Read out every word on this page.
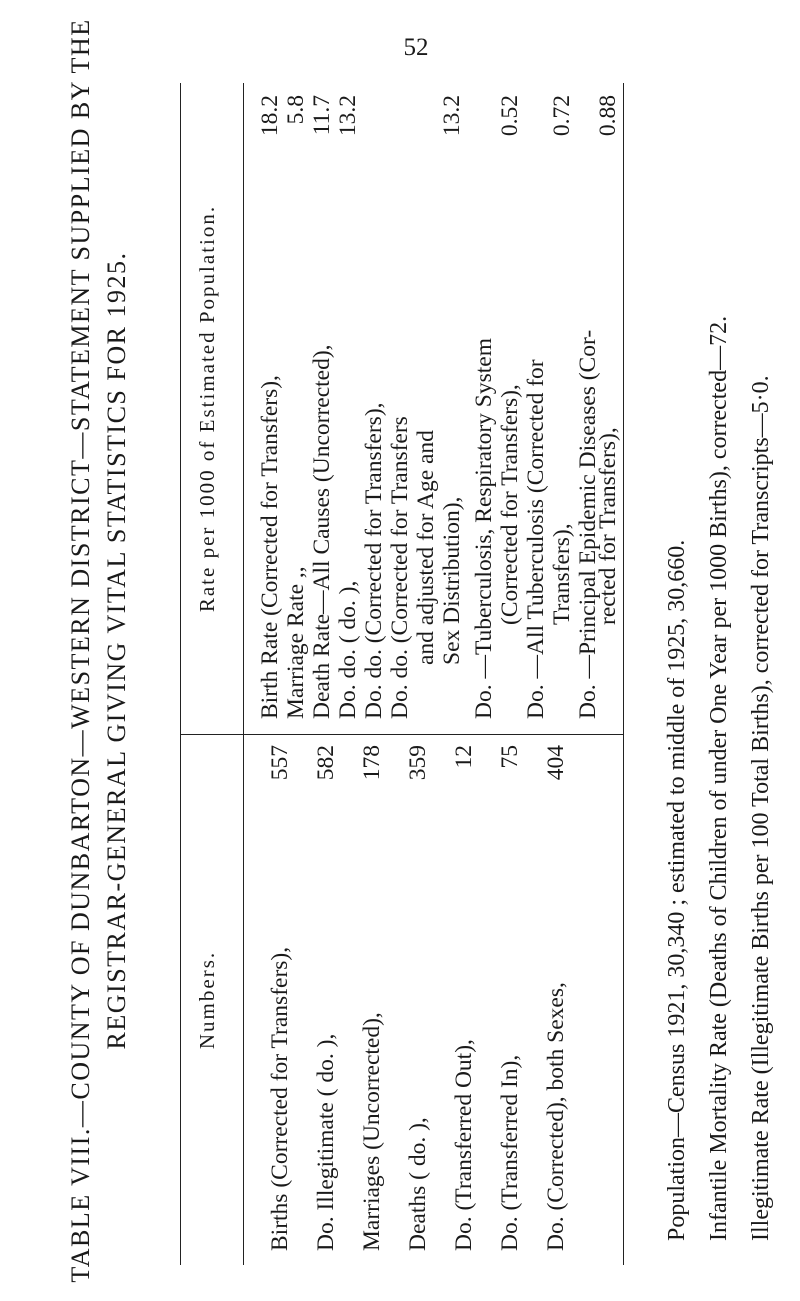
52
TABLE VIII.—COUNTY OF DUNBARTON—WESTERN DISTRICT—STATEMENT SUPPLIED BY THE REGISTRAR-GENERAL GIVING VITAL STATISTICS FOR 1925.	Numbers.
Rate per 1000 of Estimated Population.
Births (Corrected for Transfers),
557
Do. Illegitimate ( do. ),
582
Marriages (Uncorrected),
178
Deaths ( do. ),
359
Do. (Transferred Out),
12
Do. (Transferred In),
75
Do. (Corrected), both Sexes,
404
Birth Rate (Corrected for Transfers),
18.2
Marriage Rate ,,
5.8
Death Rate—All Causes (Uncorrected),
11.7
Do. do. ( do. ),
13.2
Do. do. (Corrected for Transfers), Do. do. (Corrected for Transfers and adjusted for Age and Sex Distribution),
13.2
Do. —Tuberculosis, Respiratory System (Corrected for Transfers),
0.52
Do. —All Tuberculosis (Corrected for Transfers),
0.72
Do. —Principal Epidemic Diseases (Cor-
rected for Transfers),
0.88
Population—Census 1921, 30,340 ; estimated to middle of 1925, 30,660. Infantile Mortality Rate (Deaths of Children of under One Year per 1000 Births), corrected—72. Illegitimate Rate (Illegitimate Births per 100 Total Births), corrected for Transcripts—5·0.
